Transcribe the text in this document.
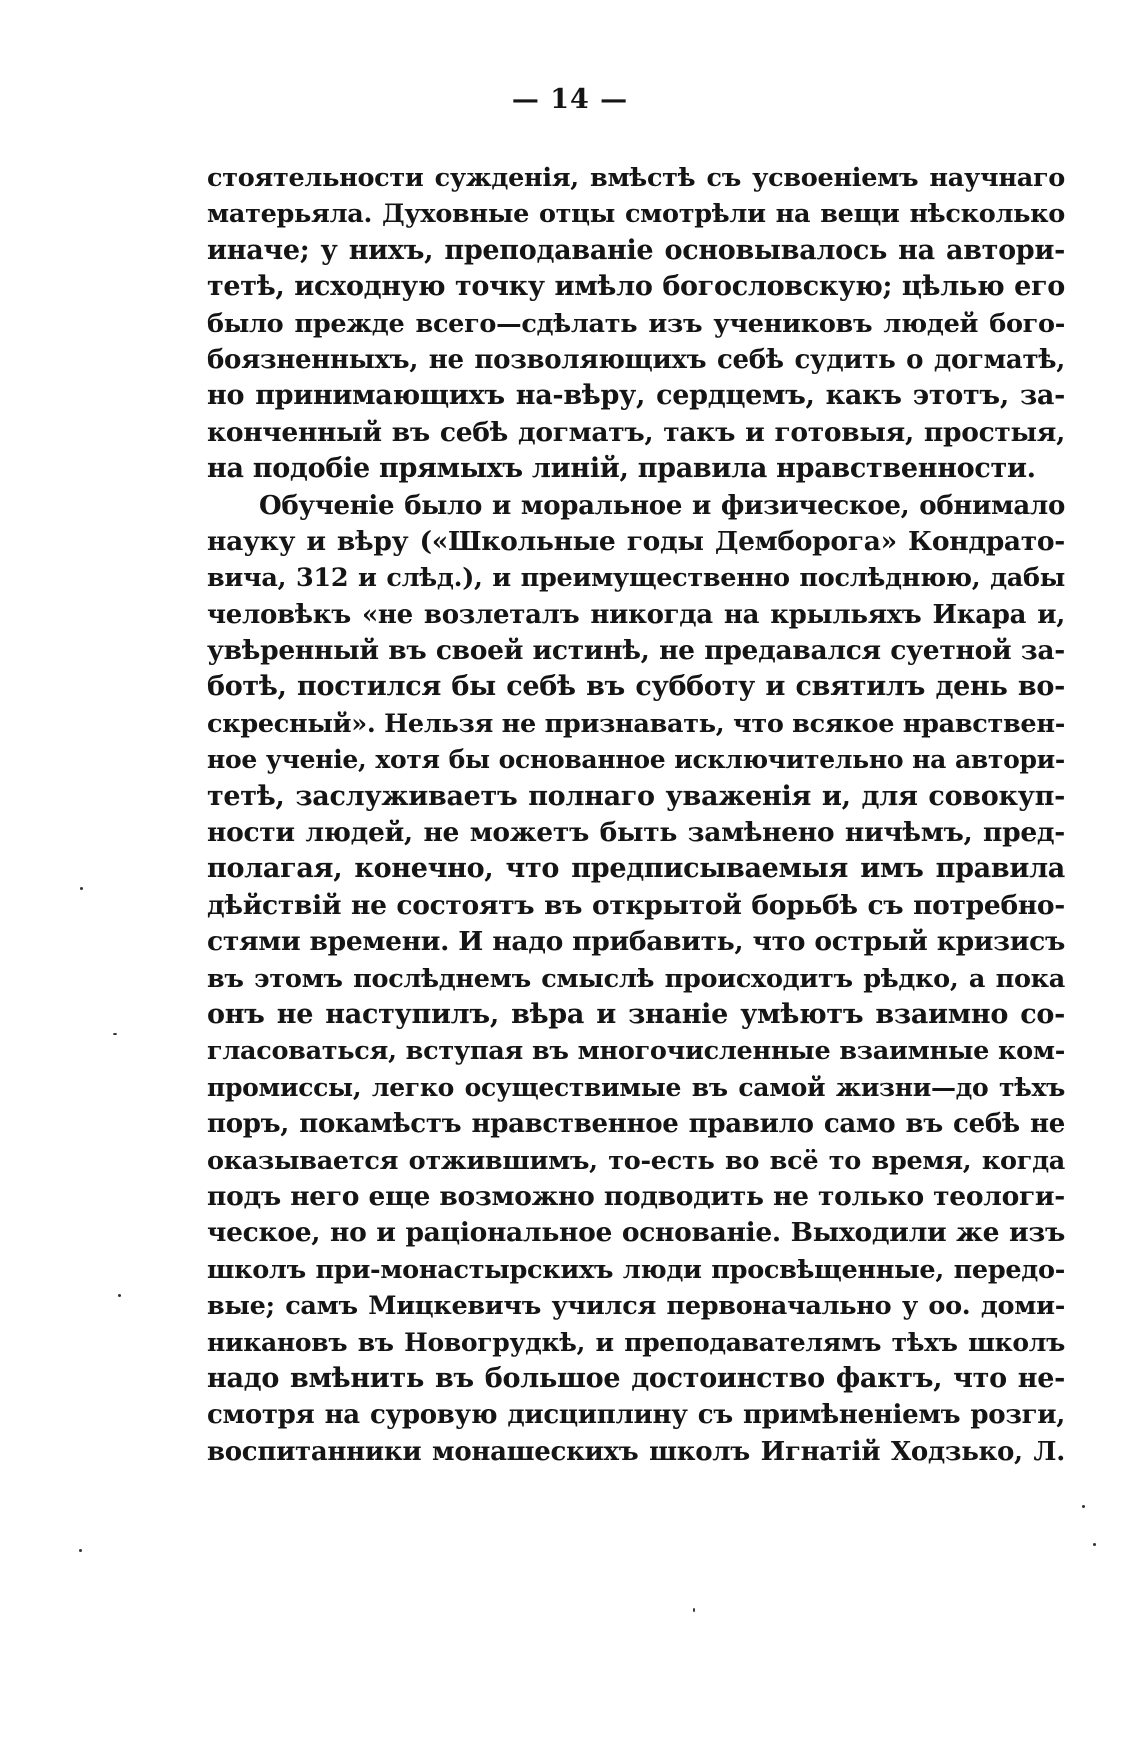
— 14 —
стоятельности сужденія, вмѣстѣ съ усвоеніемъ научнаго
матерьяла. Духовные отцы смотрѣли на вещи нѣсколько
иначе; у нихъ, преподаваніе основывалось на автори-
тетѣ, исходную точку имѣло богословскую; цѣлью его
было прежде всего—сдѣлать изъ учениковъ людей бого-
боязненныхъ, не позволяющихъ себѣ судить о догматѣ,
но принимающихъ на-вѣру, сердцемъ, какъ этотъ, за-
конченный въ себѣ догматъ, такъ и готовыя, простыя,
на подобіе прямыхъ линій, правила нравственности.
Обученіе было и моральное и физическое, обнимало
науку и вѣру («Школьные годы Демборога» Кондрато-
вича, 312 и слѣд.), и преимущественно послѣднюю, дабы
человѣкъ «не возлеталъ никогда на крыльяхъ Икара и,
увѣренный въ своей истинѣ, не предавался суетной за-
ботѣ, постился бы себѣ въ субботу и святилъ день во-
скресный». Нельзя не признавать, что всякое нравствен-
ное ученіе, хотя бы основанное исключительно на автори-
тетѣ, заслуживаетъ полнаго уваженія и, для совокуп-
ности людей, не можетъ быть замѣнено ничѣмъ, пред-
полагая, конечно, что предписываемыя имъ правила
дѣйствій не состоятъ въ открытой борьбѣ съ потребно-
стями времени. И надо прибавить, что острый кризисъ
въ этомъ послѣднемъ смыслѣ происходитъ рѣдко, а пока
онъ не наступилъ, вѣра и знаніе умѣютъ взаимно со-
гласоваться, вступая въ многочисленные взаимные ком-
промиссы, легко осуществимые въ самой жизни—до тѣхъ
поръ, покамѣстъ нравственное правило само въ себѣ не
оказывается отжившимъ, то-есть во всё то время, когда
подъ него еще возможно подводить не только теологи-
ческое, но и раціональное основаніе. Выходили же изъ
школъ при-монастырскихъ люди просвѣщенные, передо-
вые; самъ Мицкевичъ учился первоначально у оо. доми-
никановъ въ Новогрудкѣ, и преподавателямъ тѣхъ школъ
надо вмѣнить въ большое достоинство фактъ, что не-
смотря на суровую дисциплину съ примѣненіемъ розги,
воспитанники монашескихъ школъ Игнатій Ходзько, Л.
